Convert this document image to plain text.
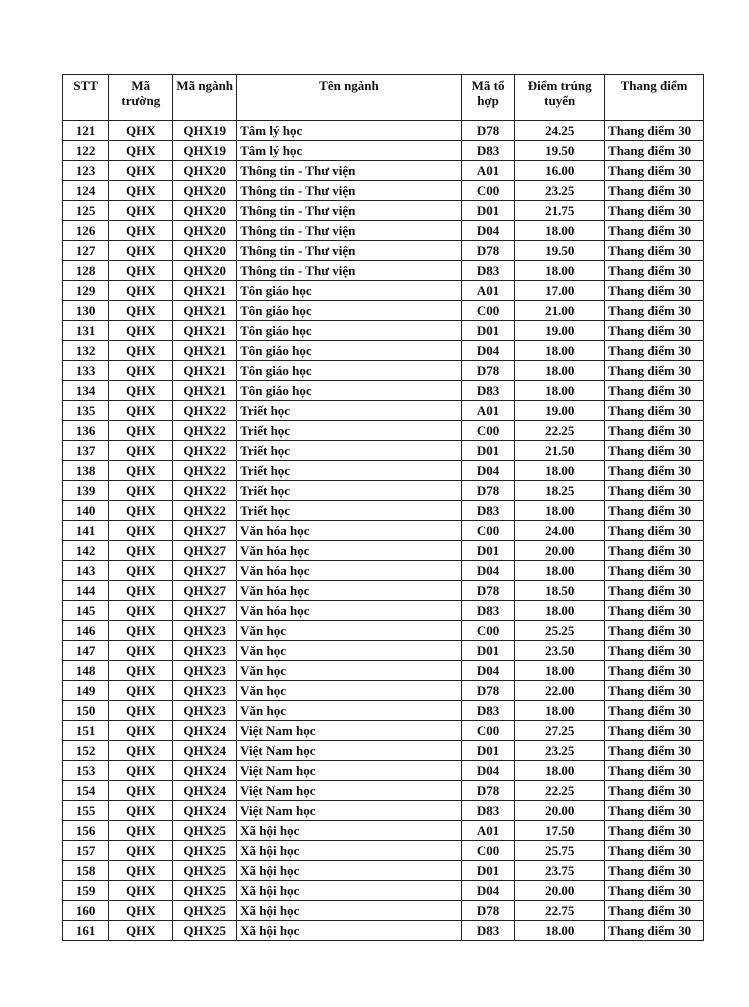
STT	Mã trường	Mã ngành	Tên ngành	Mã tổ hợp	Điểm trúng tuyển	Thang điểm
121	QHX	QHX19	Tâm lý học	D78	24.25	Thang điểm 30
122	QHX	QHX19	Tâm lý học	D83	19.50	Thang điểm 30
123	QHX	QHX20	Thông tin - Thư viện	A01	16.00	Thang điểm 30
124	QHX	QHX20	Thông tin - Thư viện	C00	23.25	Thang điểm 30
125	QHX	QHX20	Thông tin - Thư viện	D01	21.75	Thang điểm 30
126	QHX	QHX20	Thông tin - Thư viện	D04	18.00	Thang điểm 30
127	QHX	QHX20	Thông tin - Thư viện	D78	19.50	Thang điểm 30
128	QHX	QHX20	Thông tin - Thư viện	D83	18.00	Thang điểm 30
129	QHX	QHX21	Tôn giáo học	A01	17.00	Thang điểm 30
130	QHX	QHX21	Tôn giáo học	C00	21.00	Thang điểm 30
131	QHX	QHX21	Tôn giáo học	D01	19.00	Thang điểm 30
132	QHX	QHX21	Tôn giáo học	D04	18.00	Thang điểm 30
133	QHX	QHX21	Tôn giáo học	D78	18.00	Thang điểm 30
134	QHX	QHX21	Tôn giáo học	D83	18.00	Thang điểm 30
135	QHX	QHX22	Triết học	A01	19.00	Thang điểm 30
136	QHX	QHX22	Triết học	C00	22.25	Thang điểm 30
137	QHX	QHX22	Triết học	D01	21.50	Thang điểm 30
138	QHX	QHX22	Triết học	D04	18.00	Thang điểm 30
139	QHX	QHX22	Triết học	D78	18.25	Thang điểm 30
140	QHX	QHX22	Triết học	D83	18.00	Thang điểm 30
141	QHX	QHX27	Văn hóa học	C00	24.00	Thang điểm 30
142	QHX	QHX27	Văn hóa học	D01	20.00	Thang điểm 30
143	QHX	QHX27	Văn hóa học	D04	18.00	Thang điểm 30
144	QHX	QHX27	Văn hóa học	D78	18.50	Thang điểm 30
145	QHX	QHX27	Văn hóa học	D83	18.00	Thang điểm 30
146	QHX	QHX23	Văn học	C00	25.25	Thang điểm 30
147	QHX	QHX23	Văn học	D01	23.50	Thang điểm 30
148	QHX	QHX23	Văn học	D04	18.00	Thang điểm 30
149	QHX	QHX23	Văn học	D78	22.00	Thang điểm 30
150	QHX	QHX23	Văn học	D83	18.00	Thang điểm 30
151	QHX	QHX24	Việt Nam học	C00	27.25	Thang điểm 30
152	QHX	QHX24	Việt Nam học	D01	23.25	Thang điểm 30
153	QHX	QHX24	Việt Nam học	D04	18.00	Thang điểm 30
154	QHX	QHX24	Việt Nam học	D78	22.25	Thang điểm 30
155	QHX	QHX24	Việt Nam học	D83	20.00	Thang điểm 30
156	QHX	QHX25	Xã hội học	A01	17.50	Thang điểm 30
157	QHX	QHX25	Xã hội học	C00	25.75	Thang điểm 30
158	QHX	QHX25	Xã hội học	D01	23.75	Thang điểm 30
159	QHX	QHX25	Xã hội học	D04	20.00	Thang điểm 30
160	QHX	QHX25	Xã hội học	D78	22.75	Thang điểm 30
161	QHX	QHX25	Xã hội học	D83	18.00	Thang điểm 30
